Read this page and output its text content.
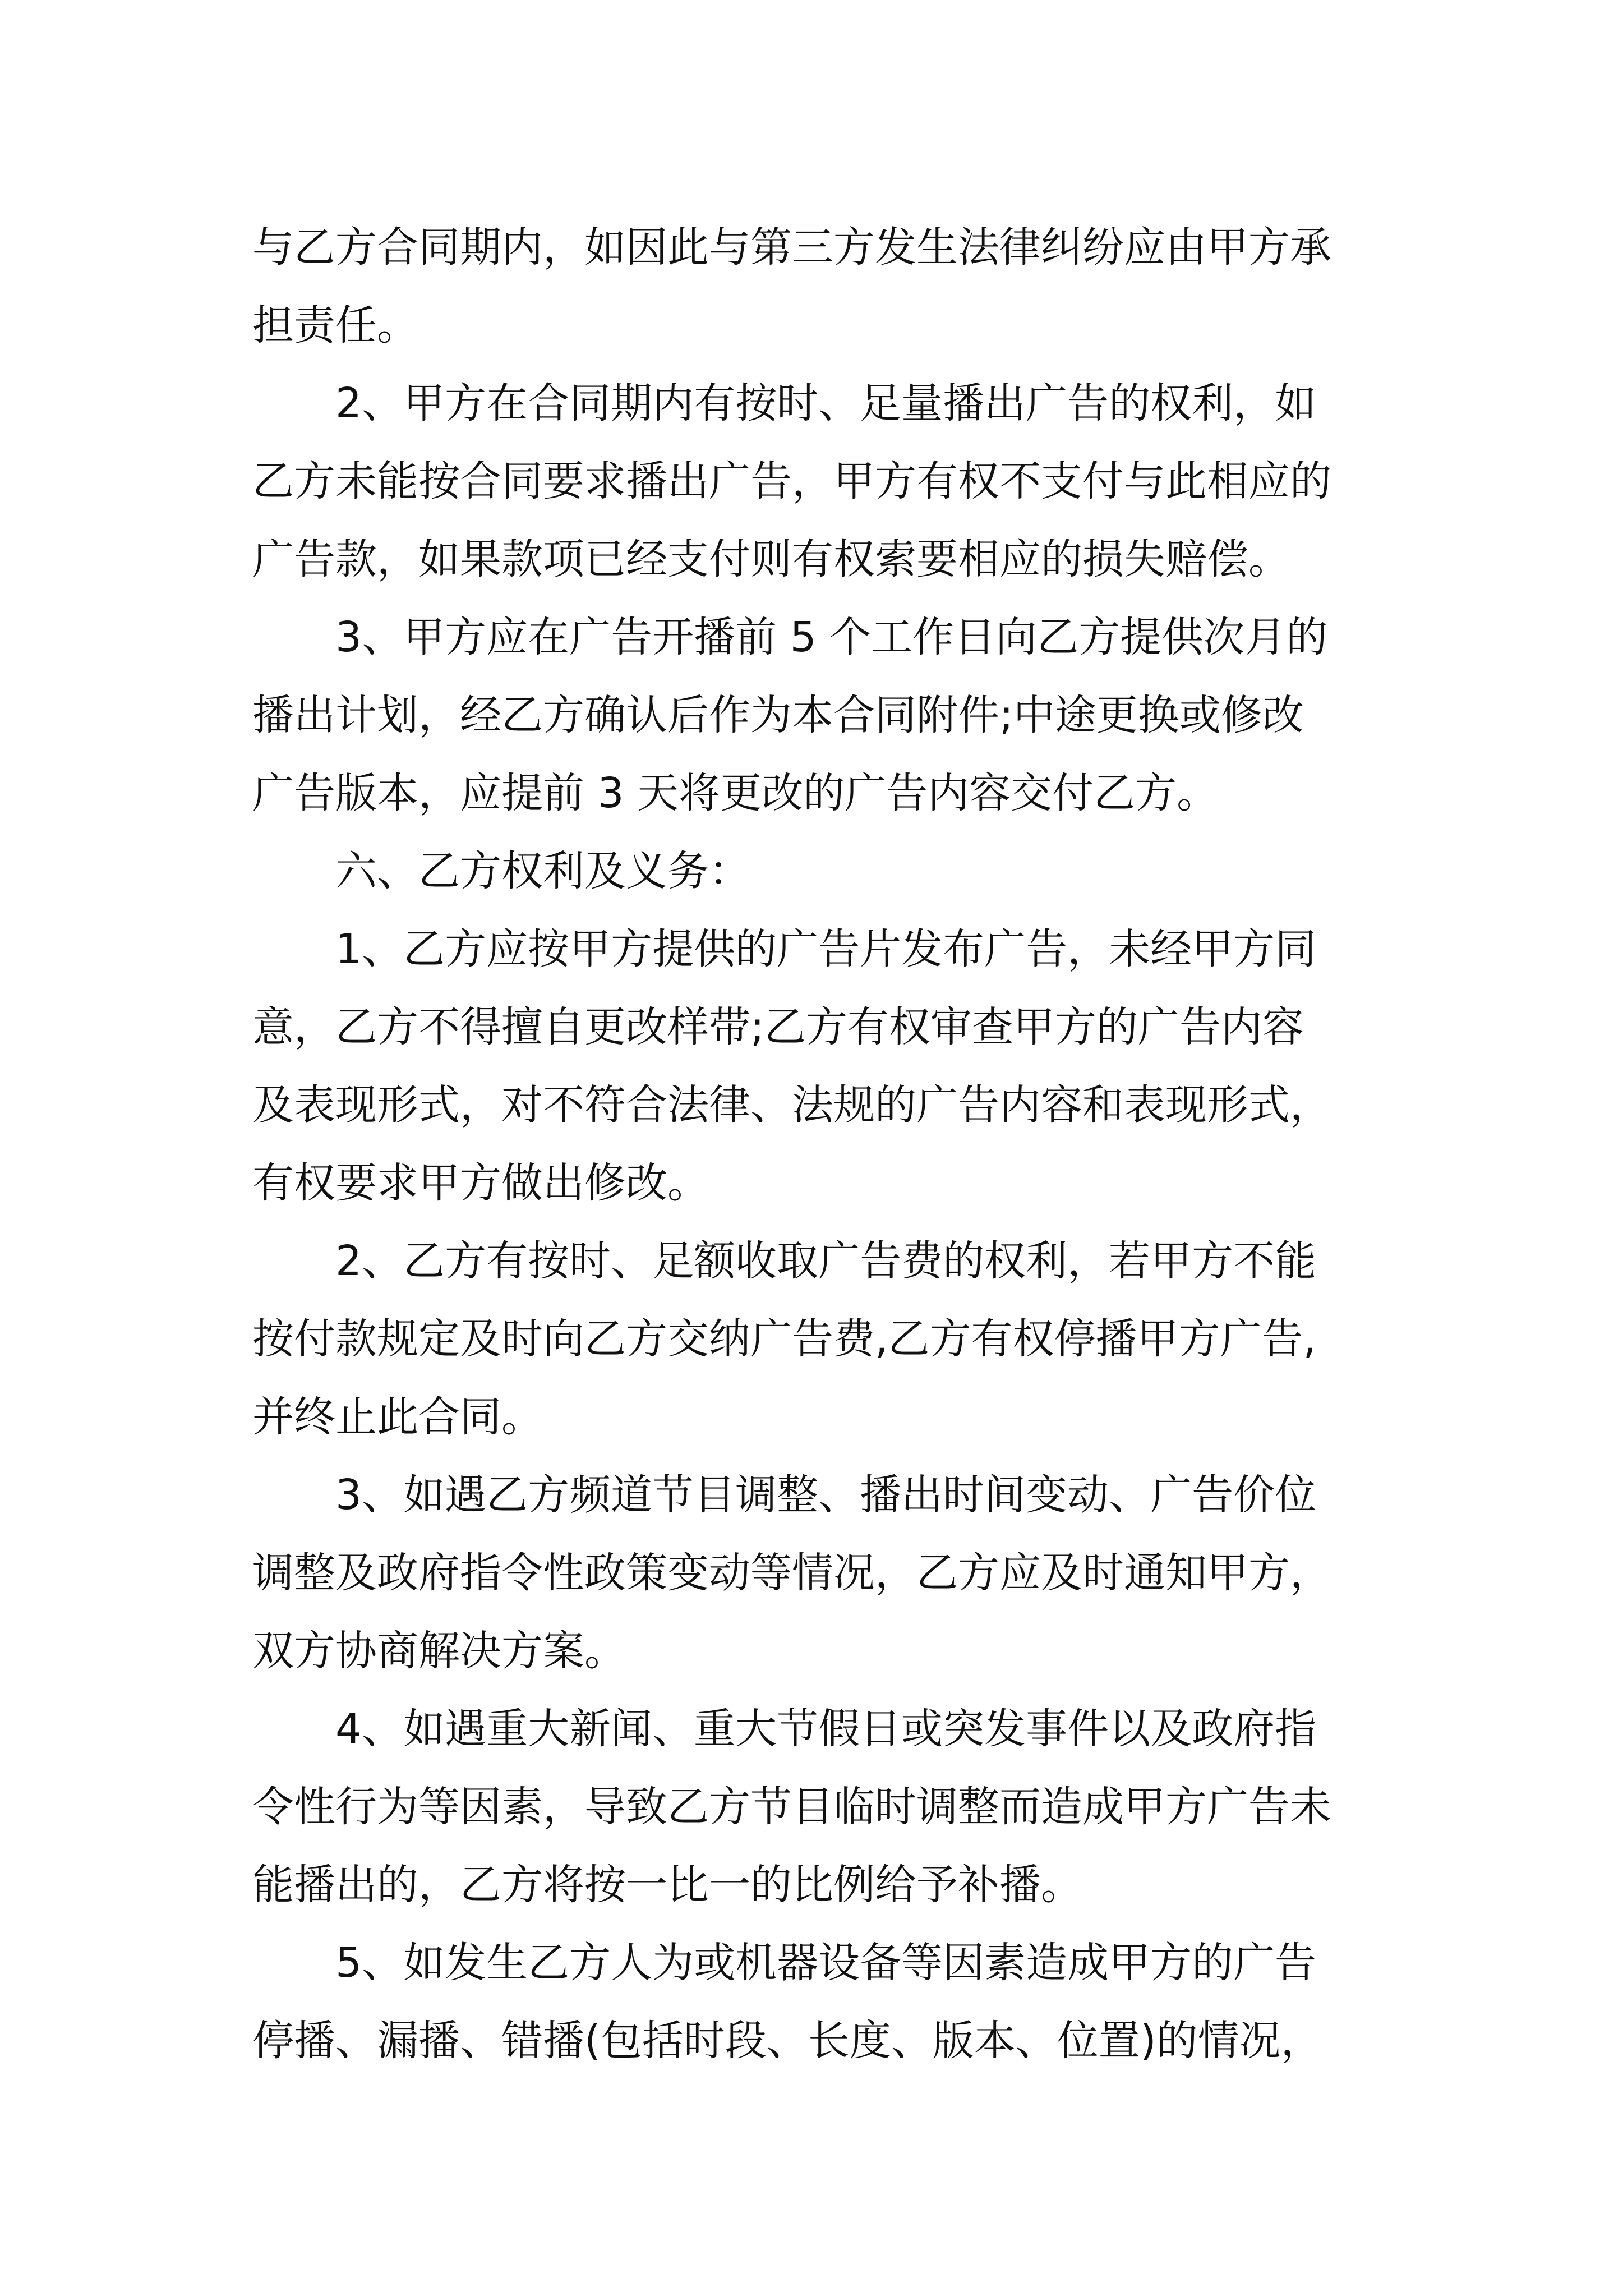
与乙方合同期内，如因此与第三方发生法律纠纷应由甲方承
担责任。
2、甲方在合同期内有按时、足量播出广告的权利，如
乙方未能按合同要求播出广告，甲方有权不支付与此相应的
广告款，如果款项已经支付则有权索要相应的损失赔偿。
3、甲方应在广告开播前 5 个工作日向乙方提供次月的
播出计划，经乙方确认后作为本合同附件;中途更换或修改
广告版本，应提前 3 天将更改的广告内容交付乙方。
六、乙方权利及义务：
1、乙方应按甲方提供的广告片发布广告，未经甲方同
意，乙方不得擅自更改样带;乙方有权审查甲方的广告内容
及表现形式，对不符合法律、法规的广告内容和表现形式，
有权要求甲方做出修改。
2、乙方有按时、足额收取广告费的权利，若甲方不能
按付款规定及时向乙方交纳广告费,乙方有权停播甲方广告,
并终止此合同。
3、如遇乙方频道节目调整、播出时间变动、广告价位
调整及政府指令性政策变动等情况，乙方应及时通知甲方，
双方协商解决方案。
4、如遇重大新闻、重大节假日或突发事件以及政府指
令性行为等因素，导致乙方节目临时调整而造成甲方广告未
能播出的，乙方将按一比一的比例给予补播。
5、如发生乙方人为或机器设备等因素造成甲方的广告
停播、漏播、错播(包括时段、长度、版本、位置)的情况，
